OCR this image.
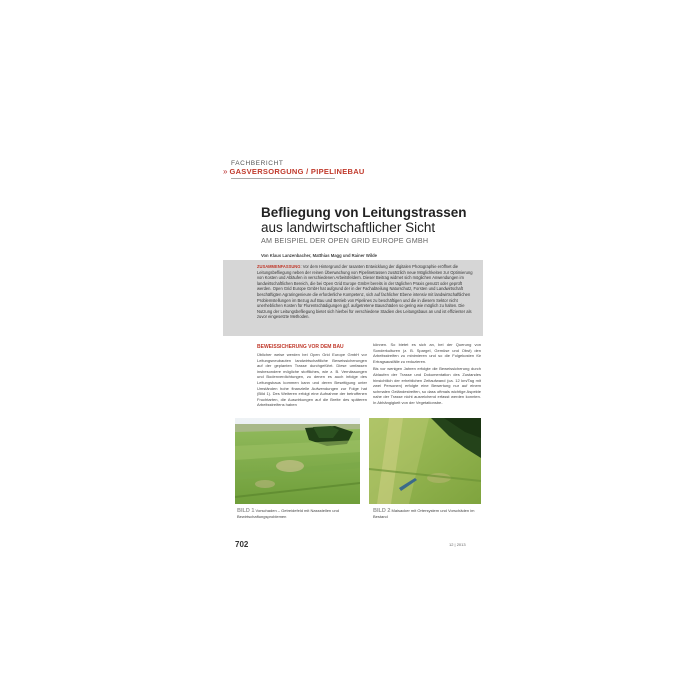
FACHBERICHT
» GASVERSORGUNG / PIPELINEBAU
Befliegung von Leitungstrassen
aus landwirtschaftlicher Sicht
AM BEISPIEL DER OPEN GRID EUROPE GMBH
Von Klaus Lanzenbacher, Matthias Magg und Rainer Wilde
ZUSAMMENFASSUNG: Vor dem Hintergrund der rasanten Entwicklung der digitalen Photographie eröffnet die Leitungsbefliegung neben der reinen Überwachung von Pipelinetrassen zusätzlich neue Möglichkeiten zur Optimierung von Kosten und Abläufen in verschiedenen Arbeitsfeldern. Dieser Beitrag widmet sich möglichen Anwendungen im landwirtschaftlichen Bereich, die bei Open Grid Europe GmbH bereits in der täglichen Praxis genutzt oder geprüft werden. Open Grid Europe GmbH hat aufgrund der in der Fachabteilung Naturschutz, Forsten und Landwirtschaft beschäftigten Agraringenieure die erforderliche Kompetenz, sich auf fachlicher Ebene intensiv mit landwirtschaftlichen Problemstellungen im Bezug auf Bau und Betrieb von Pipelines zu beschäftigen und die in diesem Sektor nicht unerheblichen Kosten für Flurentschädigungen ggf. aufgetretene Bauschäden so gering wie möglich zu halten. Die Nutzung der Leitungsbefliegung bietet sich hierbei für verschiedene Stadien des Leitungsbaus an und ist effizienter als zuvor eingesetzte Methoden.
BEWEISSICHERUNG VOR DEM BAU
Üblicher weise werden bei Open Grid Europe GmbH vor Leitungsneubauten landwirtschaftliche Beweissicherungen auf der geplanten Trasse durchgeführt. Diese umfassen insbesondere mögliche stoffliches, wie z. B. Vernässungen und Bodenverdichtungen, zu denen es auch infolge des Leitungsbaus kommen kann und deren Beseitigung unter Umständen hohe finanzielle Aufwendungen zur Folge hat (Bild 1). Des Weiteren erfolgt eine Aufnahme der betroffenen Fruchtarten, die Auswirkungen auf die Breite des späteren Arbeitsstreifens haben

können. So bietet es sich an, bei der Querung von Sonderkulturen (z. B. Spargel, Gemüse und Obst) den Arbeitsstreifen zu minimieren und so die Folgekosten für Ertragsausfälle zu reduzieren.

Bis vor wenigen Jahren erfolgte die Beweissicherung durch Ablaufen der Trasse und Dokumentation des Zustandes hinsichtlich der erheblichen Zeitaufwand (ca. 12 km/Tag mit zwei Personen) erfolgte eine Bewertung nur auf einem schmalen Geländestreifen, so dass oftmals wichtige Aspekte nahe der Trasse nicht ausreichend erfasst werden konnten. In Abhängigkeit von der Vegetationsbe-

BILD 1 Vorschaden – Getreidefeld mit Nassstellen und Bewirtschaftungsproblemen
BILD 2 Maisacker mit Ortersystem und Vorschäden im Bestand
702	12 | 2013
